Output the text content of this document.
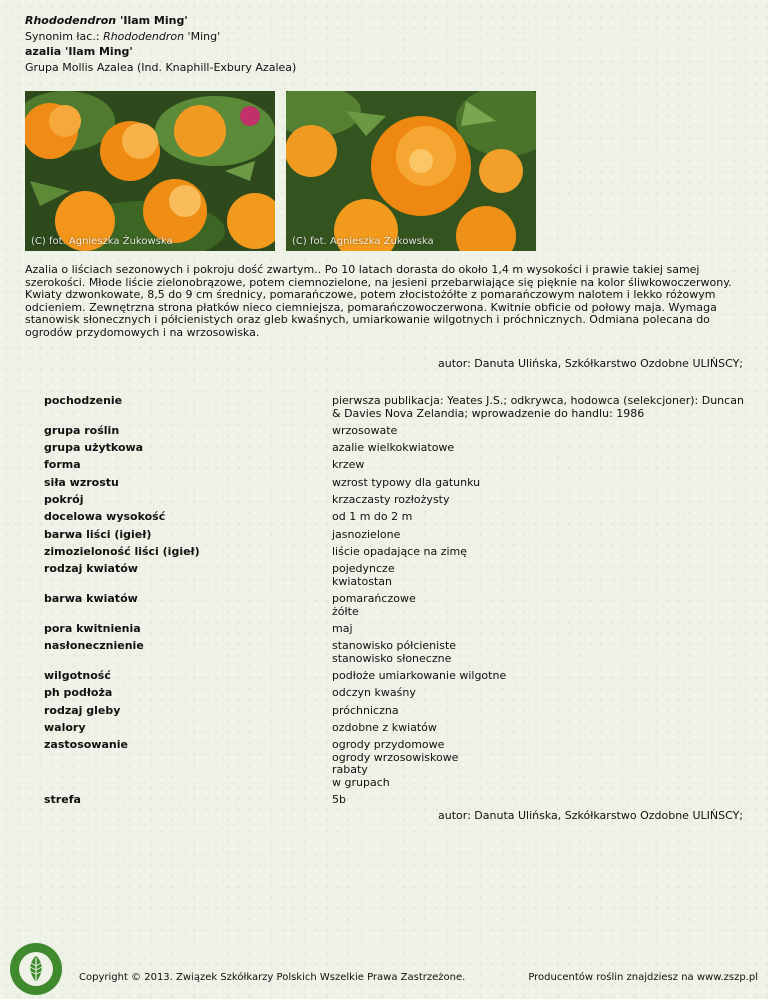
Rhododendron 'Ilam Ming'
Synonim łac.: Rhododendron 'Ming'
azalia 'Ilam Ming'
Grupa Mollis Azalea (Ind. Knaphill-Exbury Azalea)
(C) fot. Agnieszka Żukowska	(C) fot. Agnieszka Żukowska
Azalia o liściach sezonowych i pokroju dość zwartym.. Po 10 latach dorasta do około 1,4 m wysokości i prawie takiej samej szerokości. Młode liście zielonobrązowe, potem ciemnozielone, na jesieni przebarwiające się pięknie na kolor śliwkowoczerwony. Kwiaty dzwonkowate, 8,5 do 9 cm średnicy, pomarańczowe, potem złocistożółte z pomarańczowym nalotem i lekko różowym odcieniem. Zewnętrzna strona płatków nieco ciemniejsza, pomarańczowoczerwona. Kwitnie obficie od połowy maja. Wymaga stanowisk słonecznych i półcienistych oraz gleb kwaśnych, umiarkowanie wilgotnych i próchnicznych. Odmiana polecana do ogrodów przydomowych i na wrzosowiska.
autor: Danuta Ulińska, Szkółkarstwo Ozdobne ULIŃSCY;
pochodzenie	pierwsza publikacja: Yeates J.S.; odkrywca, hodowca (selekcjoner): Duncan & Davies Nova Zelandia; wprowadzenie do handlu: 1986
grupa roślin	wrzosowate
grupa użytkowa	azalie wielkokwiatowe
forma	krzew
siła wzrostu	wzrost typowy dla gatunku
pokrój	krzaczasty rozłożysty
docelowa wysokość	od 1 m do 2 m
barwa liści (igieł)	jasnozielone
zimozieloność liści (igieł)	liście opadające na zimę
rodzaj kwiatów	pojedyncze
kwiatostan
barwa kwiatów	pomarańczowe
żółte
pora kwitnienia	maj
nasłonecznienie	stanowisko półcieniste
stanowisko słoneczne
wilgotność	podłoże umiarkowanie wilgotne
ph podłoża	odczyn kwaśny
rodzaj gleby	próchniczna
walory	ozdobne z kwiatów
zastosowanie	ogrody przydomowe
ogrody wrzosowiskowe
rabaty
w grupach
strefa	5b
autor: Danuta Ulińska, Szkółkarstwo Ozdobne ULIŃSCY;
Copyright © 2013. Związek Szkółkarzy Polskich Wszelkie Prawa Zastrzeżone.	Producentów roślin znajdziesz na www.zszp.pl
